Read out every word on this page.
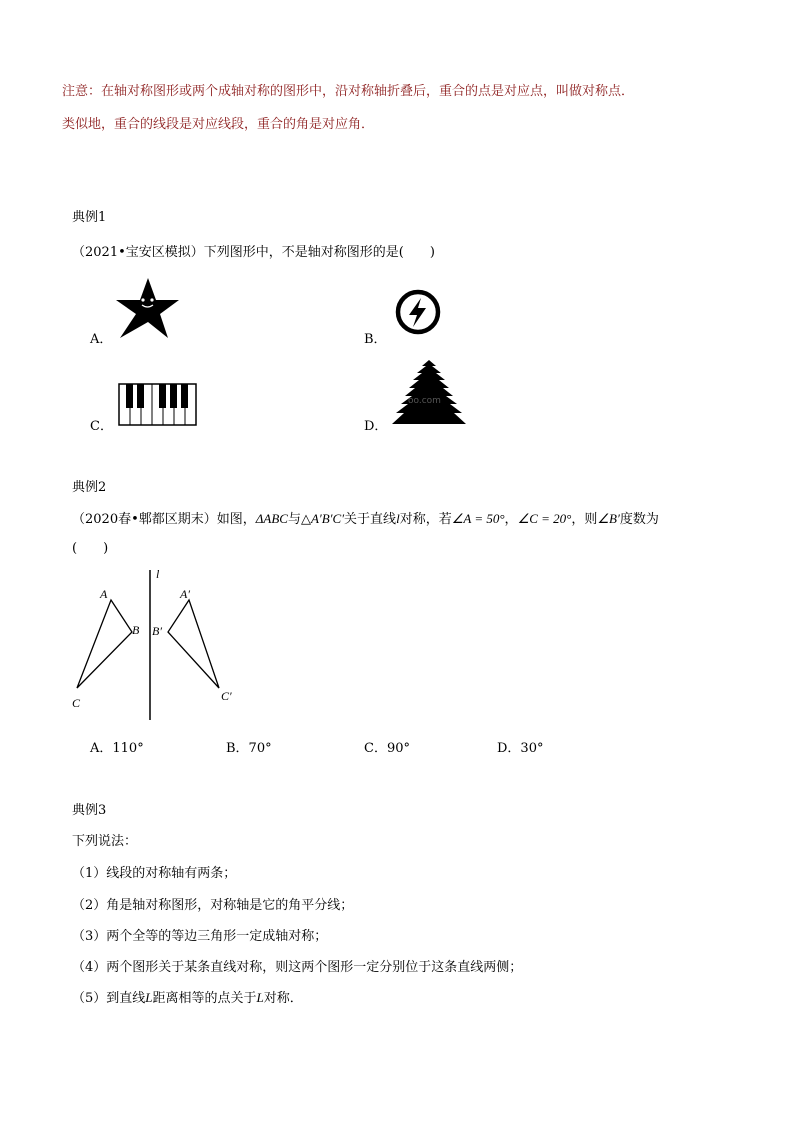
注意：在轴对称图形或两个成轴对称的图形中，沿对称轴折叠后，重合的点是对应点，叫做对称点．
类似地，重合的线段是对应线段，重合的角是对应角．
典例1
（2021•宝安区模拟）下列图形中，不是轴对称图形的是(　　)
A．	B．
C．	D．
oo.com
典例2
（2020春•郫都区期末）如图，ΔABC与△A′B′C′关于直线l对称，若∠A = 50°，∠C = 20°，则∠B′度数为
(　　)
l
A
B
C
A′
B′
C′
A．110°	B．70°	C．90°	D．30°
典例3
下列说法：
（1）线段的对称轴有两条；
（2）角是轴对称图形，对称轴是它的角平分线；
（3）两个全等的等边三角形一定成轴对称；
（4）两个图形关于某条直线对称，则这两个图形一定分别位于这条直线两侧；
（5）到直线L距离相等的点关于L对称．
